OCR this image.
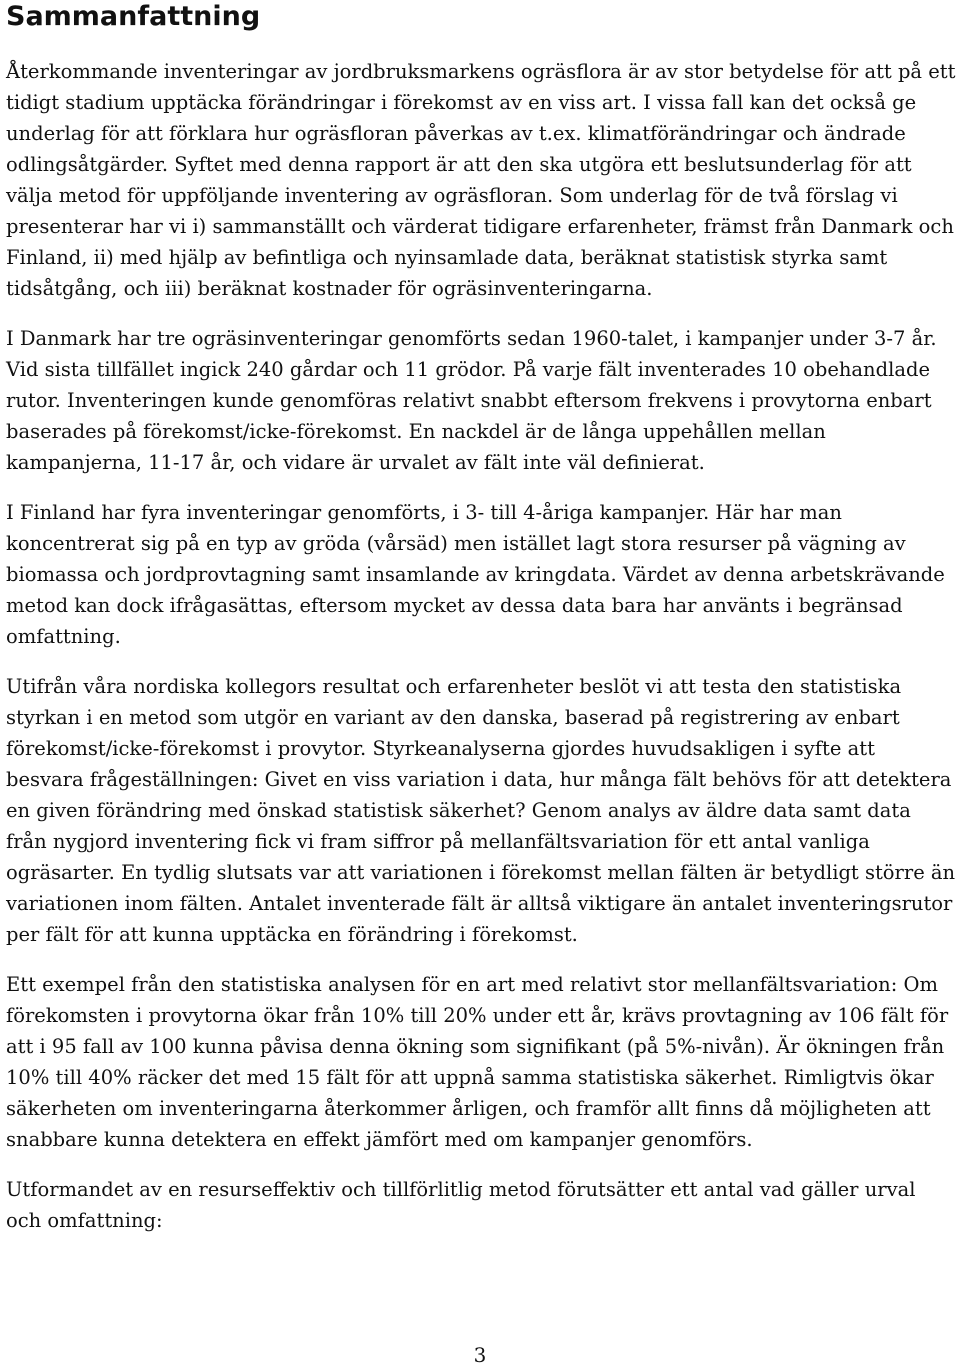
Sammanfattning

Återkommande inventeringar av jordbruksmarkens ogräsflora är av stor betydelse för att på ett tidigt stadium upptäcka förändringar i förekomst av en viss art. I vissa fall kan det också ge underlag för att förklara hur ogräsfloran påverkas av t.ex. klimatförändringar och ändrade odlingsåtgärder. Syftet med denna rapport är att den ska utgöra ett beslutsunderlag för att välja metod för uppföljande inventering av ogräsfloran. Som underlag för de två förslag vi presenterar har vi i) sammanställt och värderat tidigare erfarenheter, främst från Danmark och Finland, ii) med hjälp av befintliga och nyinsamlade data, beräknat statistisk styrka samt tidsåtgång, och iii) beräknat kostnader för ogräsinventeringarna.

I Danmark har tre ogräsinventeringar genomförts sedan 1960-talet, i kampanjer under 3-7 år. Vid sista tillfället ingick 240 gårdar och 11 grödor. På varje fält inventerades 10 obehandlade rutor. Inventeringen kunde genomföras relativt snabbt eftersom frekvens i provytorna enbart baserades på förekomst/icke-förekomst. En nackdel är de långa uppehållen mellan kampanjerna, 11-17 år, och vidare är urvalet av fält inte väl definierat.

I Finland har fyra inventeringar genomförts, i 3- till 4-åriga kampanjer. Här har man koncentrerat sig på en typ av gröda (vårsäd) men istället lagt stora resurser på vägning av biomassa och jordprovtagning samt insamlande av kringdata. Värdet av denna arbetskrävande metod kan dock ifrågasättas, eftersom mycket av dessa data bara har använts i begränsad omfattning.

Utifrån våra nordiska kollegors resultat och erfarenheter beslöt vi att testa den statistiska styrkan i en metod som utgör en variant av den danska, baserad på registrering av enbart förekomst/icke-förekomst i provytor. Styrkeanalyserna gjordes huvudsakligen i syfte att besvara frågeställningen: Givet en viss variation i data, hur många fält behövs för att detektera en given förändring med önskad statistisk säkerhet? Genom analys av äldre data samt data från nygjord inventering fick vi fram siffror på mellanfältsvariation för ett antal vanliga ogräsarter. En tydlig slutsats var att variationen i förekomst mellan fälten är betydligt större än variationen inom fälten. Antalet inventerade fält är alltså viktigare än antalet inventeringsrutor per fält för att kunna upptäcka en förändring i förekomst.

Ett exempel från den statistiska analysen för en art med relativt stor mellanfältsvariation: Om förekomsten i provytorna ökar från 10% till 20% under ett år, krävs provtagning av 106 fält för att i 95 fall av 100 kunna påvisa denna ökning som signifikant (på 5%-nivån). Är ökningen från 10% till 40% räcker det med 15 fält för att uppnå samma statistiska säkerhet. Rimligtvis ökar säkerheten om inventeringarna återkommer årligen, och framför allt finns då möjligheten att snabbare kunna detektera en effekt jämfört med om kampanjer genomförs.

Utformandet av en resurseffektiv och tillförlitlig metod förutsätter ett antal vad gäller urval och omfattning:

3
